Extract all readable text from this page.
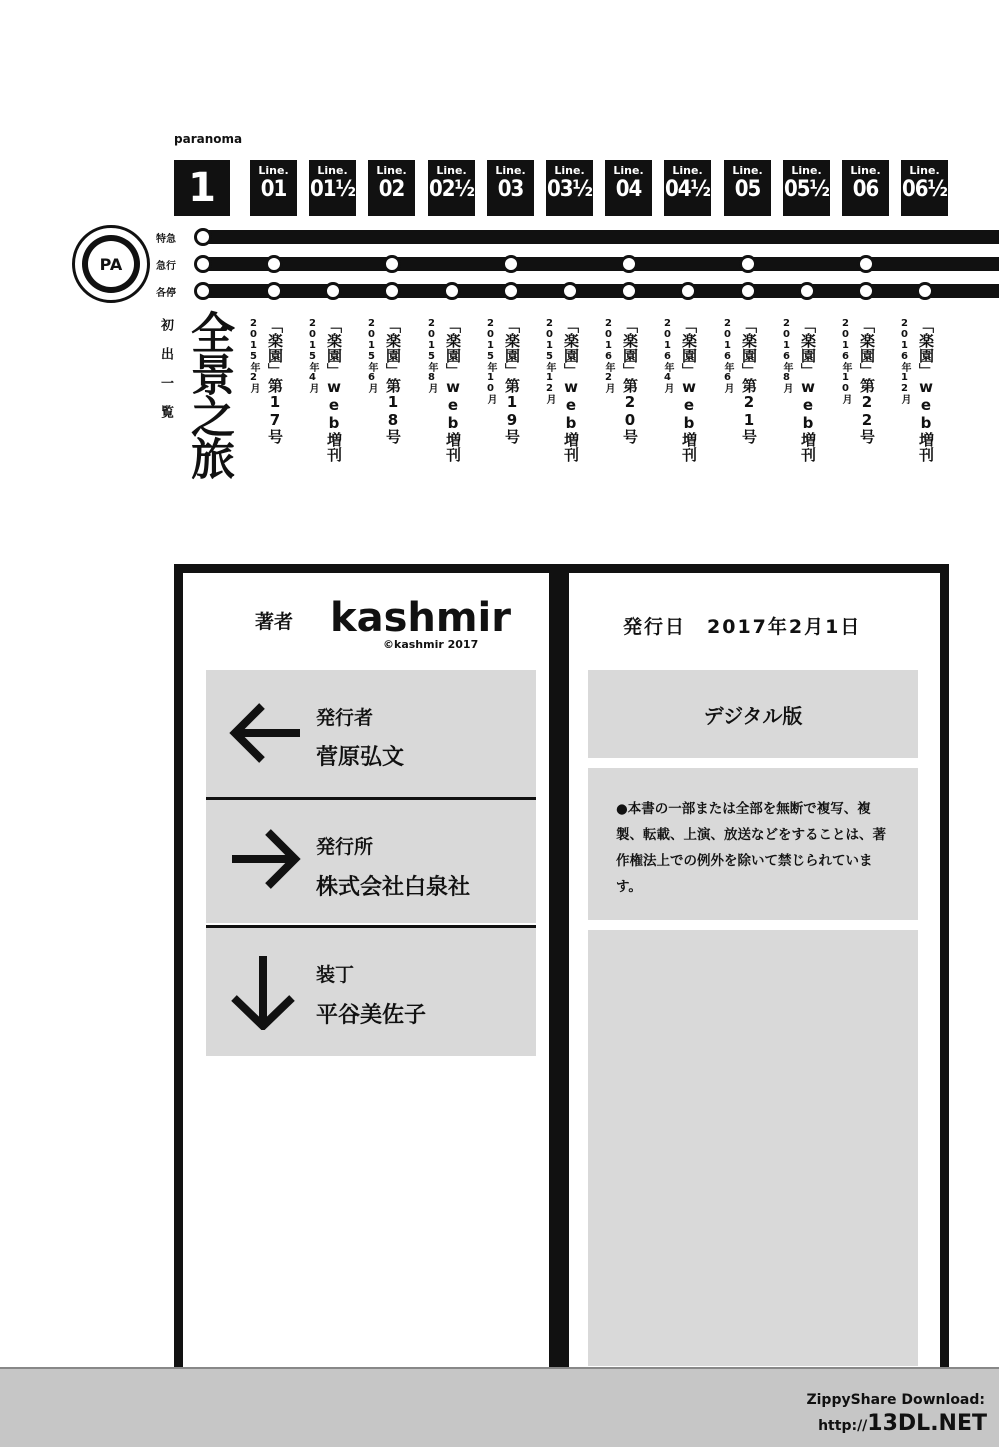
paranoma
1	Line.
01
Line.
01½
Line.
02
Line.
02½
Line.
03
Line.
03½
Line.
04
Line.
04½
Line.
05
Line.
05½
Line.
06
Line.
06½
PA
特急
急行
各停
初出一覧 全景之旅	2015年2月 「楽園」第17号 2015年4月 「楽園」web増刊 2015年6月 「楽園」第18号 2015年8月 「楽園」web増刊 2015年10月 「楽園」第19号 2015年12月 「楽園」web増刊 2016年2月 「楽園」第20号 2016年4月 「楽園」web増刊 2016年6月 「楽園」第21号 2016年8月 「楽園」web増刊 2016年10月 「楽園」第22号 2016年12月 「楽園」web増刊
著者 kashmir
©kashmir 2017
発行者
菅原弘文
発行所
株式会社白泉社
装丁
平谷美佐子
発行日　2017年2月1日
デジタル版
●本書の一部または全部を無断で複写、複製、転載、上演、放送などをすることは、著作権法上での例外を除いて禁じられています。
ZippyShare Download:
http://13DL.NET
